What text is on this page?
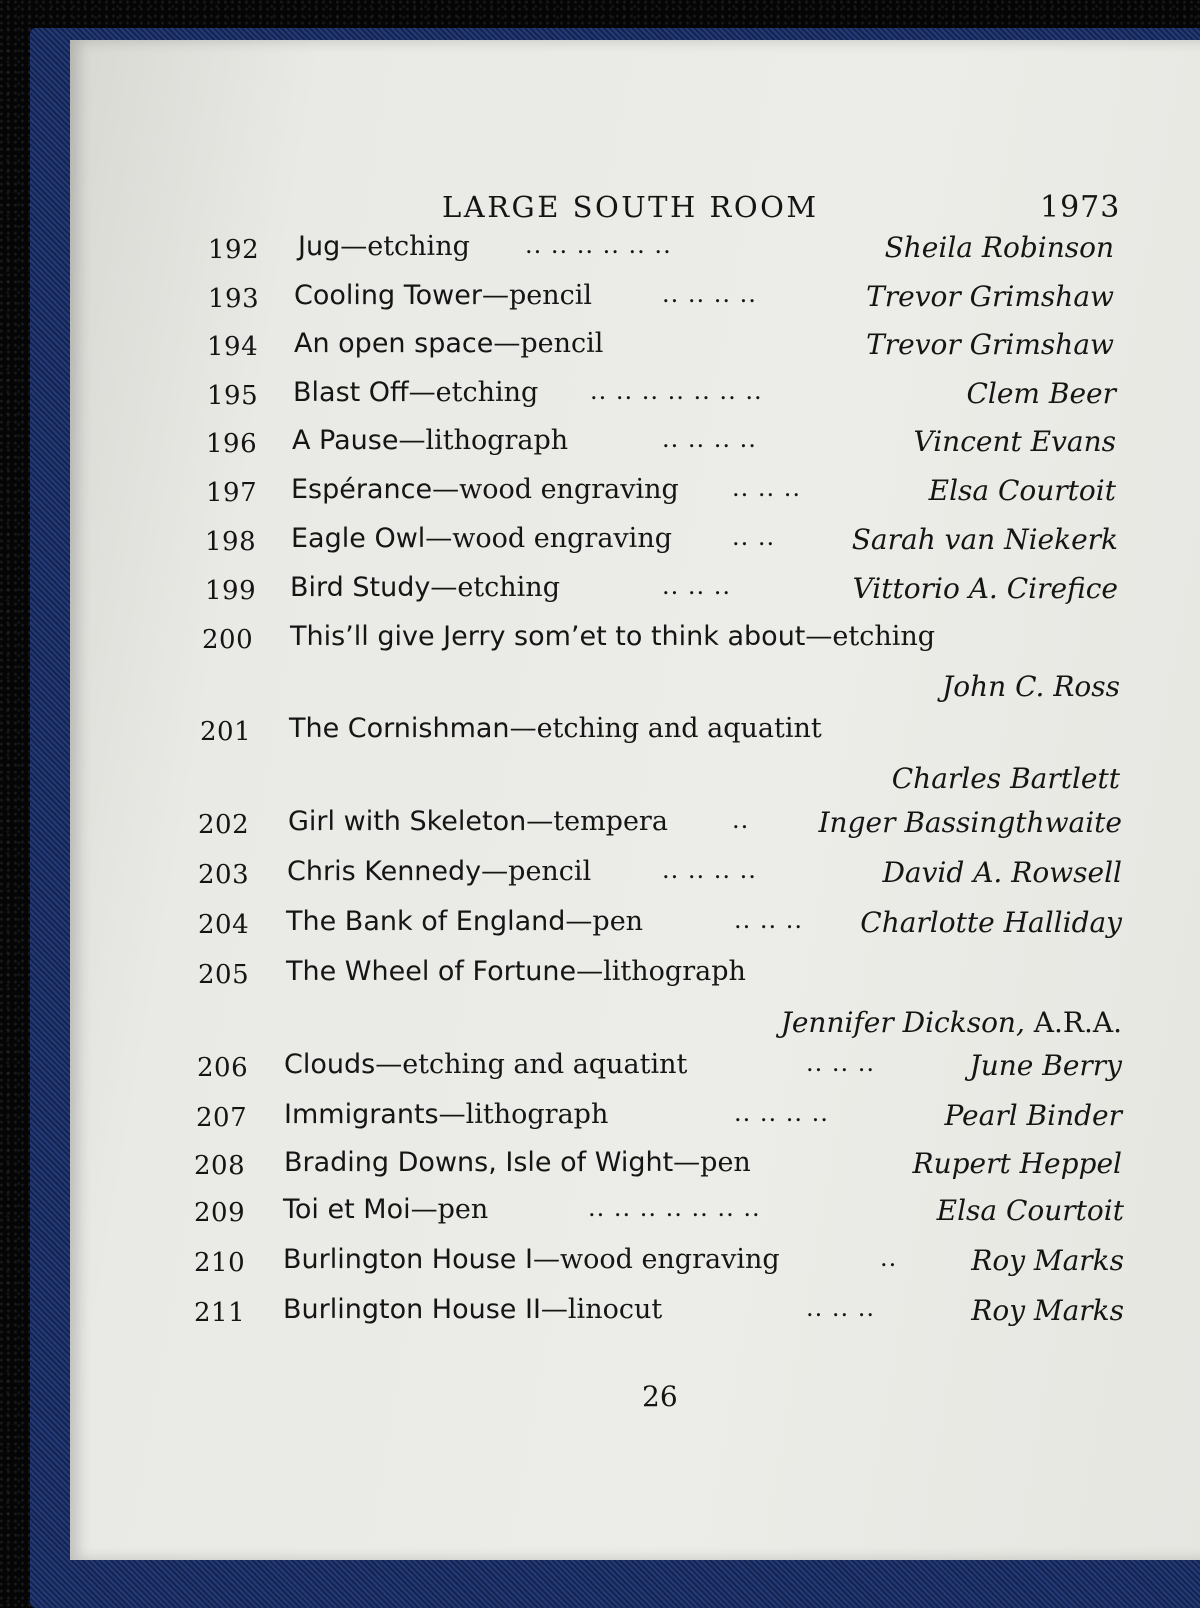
LARGE SOUTH ROOM	1973
192 Jug—etching .. .. .. .. .. ..	Sheila Robinson
193 Cooling Tower—pencil	.. .. .. ..	Trevor Grimshaw
194 An open space—pencil	Trevor Grimshaw
195 Blast Off—etching .. .. .. .. .. .. ..	Clem Beer
196 A Pause—lithograph	.. .. .. ..	Vincent Evans
197 Espérance—wood engraving .. .. ..	Elsa Courtoit
198 Eagle Owl—wood engraving	.. ..	Sarah van Niekerk
199 Bird Study—etching	.. .. ..	Vittorio A. Cirefice
200 This’ll give Jerry som’et to think about—etching
John C. Ross
201 The Cornishman—etching and aquatint
Charles Bartlett
202 Girl with Skeleton—tempera	.. Inger Bassingthwaite
203 Chris Kennedy—pencil	.. .. .. ..	David A. Rowsell
204 The Bank of England—pen	.. .. .. Charlotte Halliday
205 The Wheel of Fortune—lithograph
Jennifer Dickson, A.R.A.
206 Clouds—etching and aquatint	.. .. ..	June Berry
207 Immigrants—lithograph	.. .. .. ..	Pearl Binder
208 Brading Downs, Isle of Wight—pen	Rupert Heppel
209 Toi et Moi—pen	.. .. .. .. .. .. ..	Elsa Courtoit
210 Burlington House I—wood engraving	..	Roy Marks
211 Burlington House II—linocut	.. .. ..	Roy Marks
26
